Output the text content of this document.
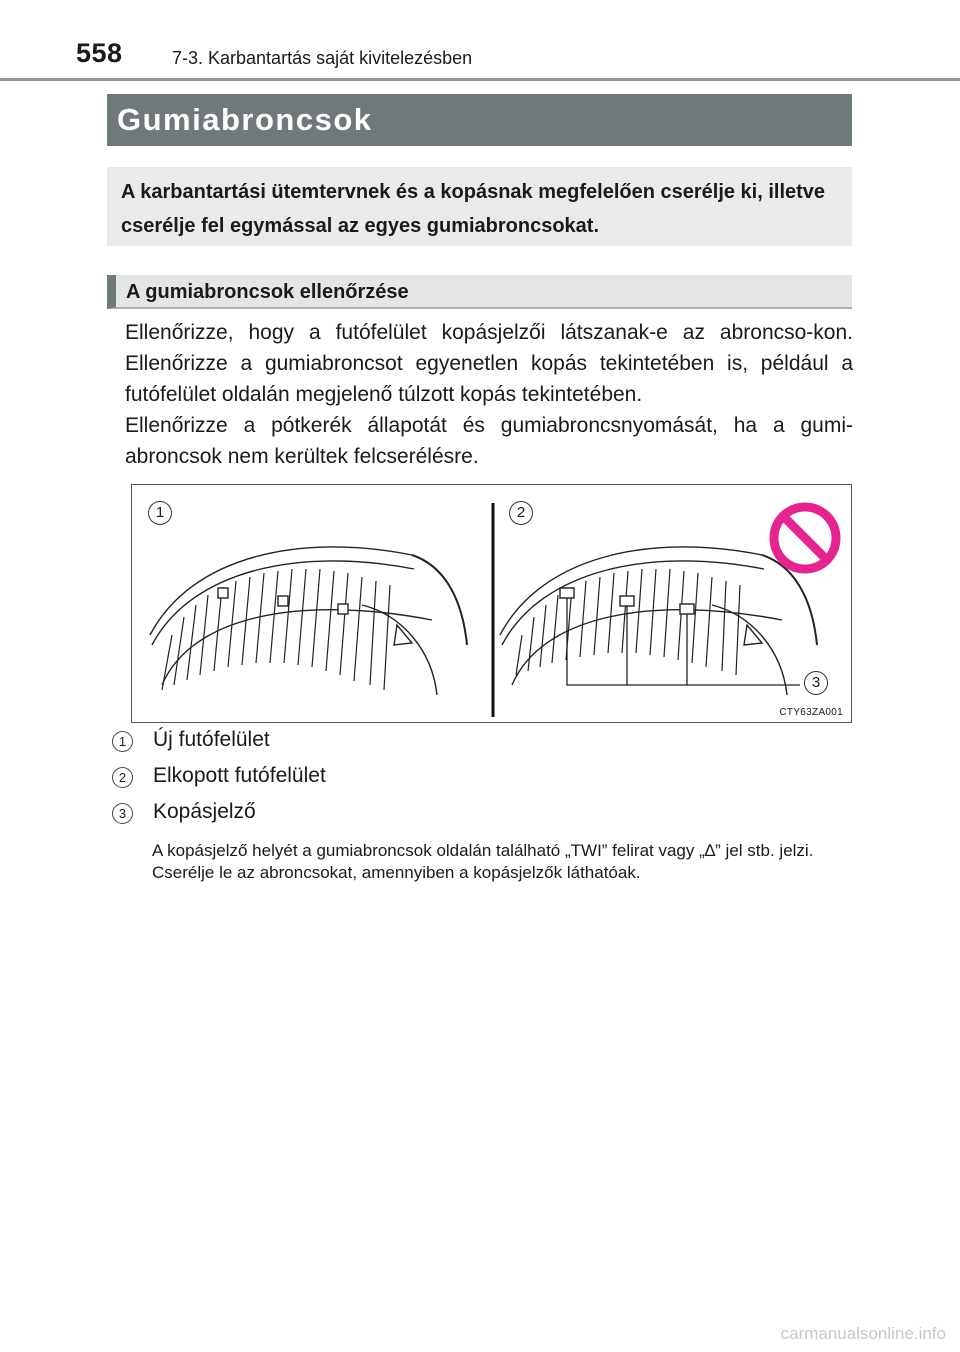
558	7-3. Karbantartás saját kivitelezésben
Gumiabroncsok
A karbantartási ütemtervnek és a kopásnak megfelelően cserélje ki, illetve cserélje fel egymással az egyes gumiabroncsokat.
A gumiabroncsok ellenőrzése

Ellenőrizze, hogy a futófelület kopásjelzői látszanak-e az abroncso-kon. Ellenőrizze a gumiabroncsot egyenetlen kopás tekintetében is, például a futófelület oldalán megjelenő túlzott kopás tekintetében.

Ellenőrizze a pótkerék állapotát és gumiabroncsnyomását, ha a gumi-abroncsok nem kerültek felcserélésre.

1	2
3
CTY63ZA001
1	Új futófelület
2	Elkopott futófelület
3	Kopásjelző
A kopásjelző helyét a gumiabroncsok oldalán található „TWI” felirat vagy „∆” jel stb. jelzi.
Cserélje le az abroncsokat, amennyiben a kopásjelzők láthatóak.
carmanualsonline.info
